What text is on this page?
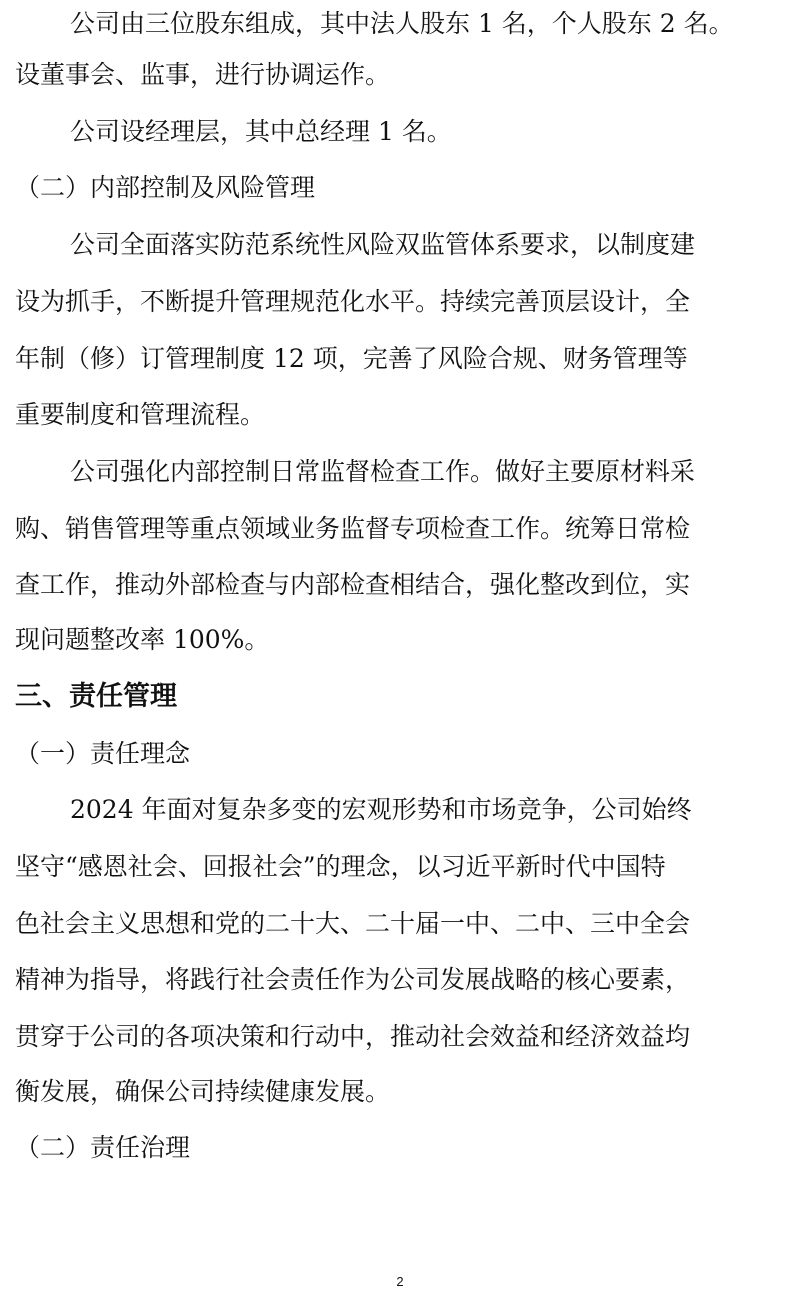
公司由三位股东组成，其中法人股东 1 名，个人股东 2 名。
设董事会、监事，进行协调运作。
公司设经理层，其中总经理 1 名。
（二）内部控制及风险管理
公司全面落实防范系统性风险双监管体系要求，以制度建
设为抓手，不断提升管理规范化水平。持续完善顶层设计，全
年制（修）订管理制度 12 项，完善了风险合规、财务管理等
重要制度和管理流程。
公司强化内部控制日常监督检查工作。做好主要原材料采
购、销售管理等重点领域业务监督专项检查工作。统筹日常检
查工作，推动外部检查与内部检查相结合，强化整改到位，实
现问题整改率 100%。
三、责任管理
（一）责任理念
2024 年面对复杂多变的宏观形势和市场竞争，公司始终
坚守“感恩社会、回报社会”的理念，以习近平新时代中国特
色社会主义思想和党的二十大、二十届一中、二中、三中全会
精神为指导，将践行社会责任作为公司发展战略的核心要素，
贯穿于公司的各项决策和行动中，推动社会效益和经济效益均
衡发展，确保公司持续健康发展。
（二）责任治理
2
